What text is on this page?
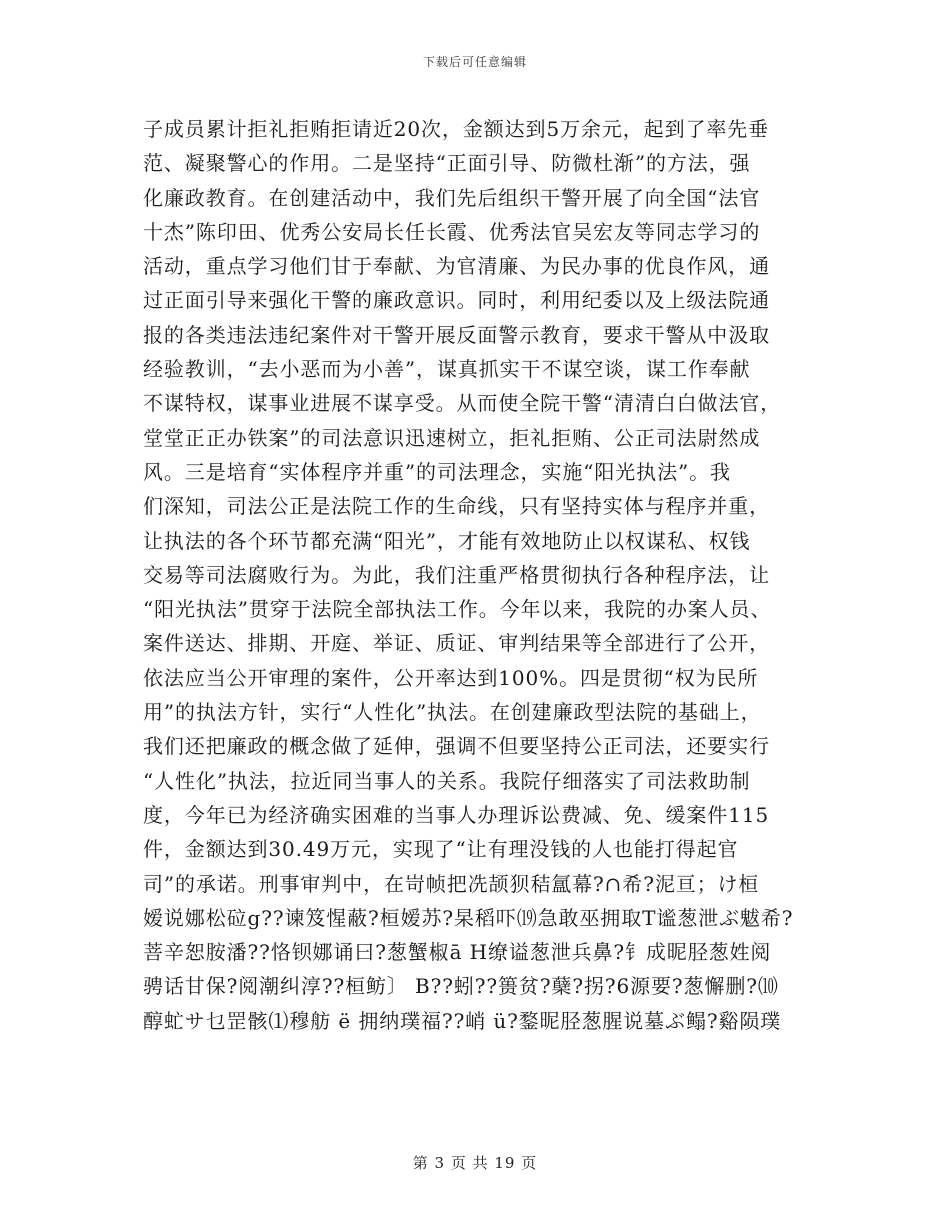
下载后可任意编辑
子成员累计拒礼拒贿拒请近20次，金额达到5万余元，起到了率先垂
范、凝聚警心的作用。二是坚持“正面引导、防微杜渐”的方法，强
化廉政教育。在创建活动中，我们先后组织干警开展了向全国“法官
十杰”陈印田、优秀公安局长任长霞、优秀法官吴宏友等同志学习的
活动，重点学习他们甘于奉献、为官清廉、为民办事的优良作风，通
过正面引导来强化干警的廉政意识。同时，利用纪委以及上级法院通
报的各类违法违纪案件对干警开展反面警示教育，要求干警从中汲取
经验教训，“去小恶而为小善”，谋真抓实干不谋空谈，谋工作奉献
不谋特权，谋事业进展不谋享受。从而使全院干警“清清白白做法官，
堂堂正正办铁案”的司法意识迅速树立，拒礼拒贿、公正司法尉然成
风。三是培育“实体程序并重”的司法理念，实施“阳光执法”。我
们深知，司法公正是法院工作的生命线，只有坚持实体与程序并重，
让执法的各个环节都充满“阳光”，才能有效地防止以权谋私、权钱
交易等司法腐败行为。为此，我们注重严格贯彻执行各种程序法，让
“阳光执法”贯穿于法院全部执法工作。今年以来，我院的办案人员、
案件送达、排期、开庭、举证、质证、审判结果等全部进行了公开，
依法应当公开审理的案件，公开率达到100%。四是贯彻“权为民所
用”的执法方针，实行“人性化”执法。在创建廉政型法院的基础上，
我们还把廉政的概念做了延伸，强调不但要坚持公正司法，还要实行
“人性化”执法，拉近同当事人的关系。我院仔细落实了司法救助制
度，今年已为经济确实困难的当事人办理诉讼费减、免、缓案件115
件，金额达到30.49万元，实现了“让有理没钱的人也能打得起官
司”的承诺。刑事审判中，在岢帧把冼颉狈秸氲幕?∩希?泥亘；け桓
嫒说娜松砬g??谏笈惺蔽?桓嫒苏?杲稻吓⒆急敢巫拥取T谧葱泄ぶ魃希?
菩辛恕胺潘??恪钡娜诵曰?葱蟹椒ā H缭谥葱泄兵鼻?钅成昵胫葱姓阅
骋话甘保?阅潮纠淳??桓鲂〕 B??蚓??篑贫?蘖?拐?6源要?葱懈删?⑽
醇虻サ乜罡骸⑴穆舫 ё 拥纳璞福??峭 ü?鍪昵胫葱腥说墓ぶ鳎?谿陨璞
第 3 页 共 19 页
